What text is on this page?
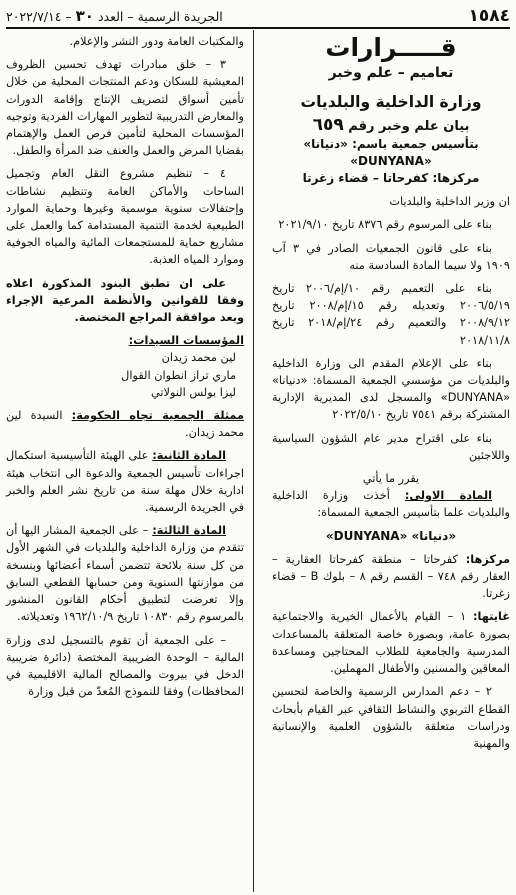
١٥٨٤
الجريدة الرسمية – العدد ٣٠ – ٢٠٢٢/٧/١٤

قـــــرارات

تعاميم – علم وخبر

وزارة الداخلية والبلديات

بيان علم وخبر رقم ٦٥٩

بتأسيس جمعية باسم: «دنيانا» «DUNYANA»

مركزها: كفرحاتا – قضاء زغرتا

ان وزير الداخلية والبلديات

بناء على المرسوم رقم ٨٣٧٦ تاريخ ٢٠٢١/٩/١٠

بناء على قانون الجمعيات الصادر في ٣ آب ١٩٠٩ ولا سيما المادة السادسة منه

بناء على التعميم رقم ١٠/إم/٢٠٠٦ تاريخ ٢٠٠٦/٥/١٩ وتعديله رقم ١٥/إم/٢٠٠٨ تاريخ ٢٠٠٨/٩/١٢ والتعميم رقم ٢٤/إم/٢٠١٨ تاريخ ٢٠١٨/١١/٨

بناء على الإعلام المقدم الى وزارة الداخلية والبلديات من مؤسسي الجمعية المسماة: «دنيانا» «DUNYANA» والمسجل لدى المديرية الإدارية المشتركة برقم ٧٥٤١ تاريخ ٢٠٢٢/٥/١٠

بناء على اقتراح مدير عام الشؤون السياسية واللاجئين

يقرر ما يأتي

المادة الاولى: أخذت وزارة الداخلية والبلديات علما بتأسيس الجمعية المسماة:

«دنيانا» «DUNYANA»

مركزها: كفرحاتا – منطقة كفرحاتا العقارية – العقار رقم ٧٤٨ – القسم رقم ٨ – بلوك B – قضاء زغرتا.

غايتها: ١ – القيام بالأعمال الخيرية والاجتماعية بصورة عامة، وبصورة خاصة المتعلقة بالمساعدات المدرسية والجامعية للطلاب المحتاجين ومساعدة المعاقين والمسنين والأطفال المهملين.

٢ – دعم المدارس الرسمية والخاصة لتحسين القطاع التربوي والنشاط الثقافي عبر القيام بأبحاث ودراسات متعلقة بالشؤون العلمية والإنسانية والمهنية

والمكتبات العامة ودور النشر والإعلام.

٣ – خلق مبادرات تهدف تحسين الظروف المعيشية للسكان ودعم المنتجات المحلية من خلال تأمين أسواق لتصريف الإنتاج وإقامة الدورات والمعارض التدريبية لتطوير المهارات الفردية وتوجيه المؤسسات المحلية لتأمين فرص العمل والإهتمام بقضايا المرض والعمل والعنف ضد المرأة والطفل.

٤ – تنظيم مشروع النقل العام وتجميل الساحات والأماكن العامة وتنظيم نشاطات وإحتفالات سنوية موسمية وغيرها وحماية الموارد الطبيعية لخدمة التنمية المستدامة كما والعمل على مشاريع حماية للمستجمعات المائية والمياه الجوفية وموارد المياه العذبة.

على ان تطبق البنود المذكورة اعلاه وفقا للقوانين والأنظمة المرعية الإجراء وبعد موافقة المراجع المختصة.

المؤسسات السيدات:

لين محمد زيدان

ماري تراز انطوان القوال

ليزا بولس النولاتي

ممثلة الجمعية تجاه الحكومة: السيدة لين محمد زيدان.

المادة الثانية: على الهيئة التأسيسية استكمال اجراءات تأسيس الجمعية والدعوة الى انتخاب هيئة ادارية خلال مهلة سنة من تاريخ نشر العلم والخبر في الجريدة الرسمية.

المادة الثالثة: – على الجمعية المشار اليها أن تتقدم من وزارة الداخلية والبلديات في الشهر الأول من كل سنة بلائحة تتضمن أسماء أعضائها وبنسخة من موازنتها السنوية ومن حسابها القطعي السابق وإلا تعرضت لتطبيق أحكام القانون المنشور بالمرسوم رقم ١٠٨٣٠ تاريخ ١٩٦٢/١٠/٩ وتعديلاته.

– على الجمعية أن تقوم بالتسجيل لدى وزارة المالية – الوحدة الضريبية المختصة (دائرة ضريبية الدخل في بيروت والمصالح المالية الاقليمية في المحافظات) وفقا للنموذج المُعدّ من قبل وزارة
